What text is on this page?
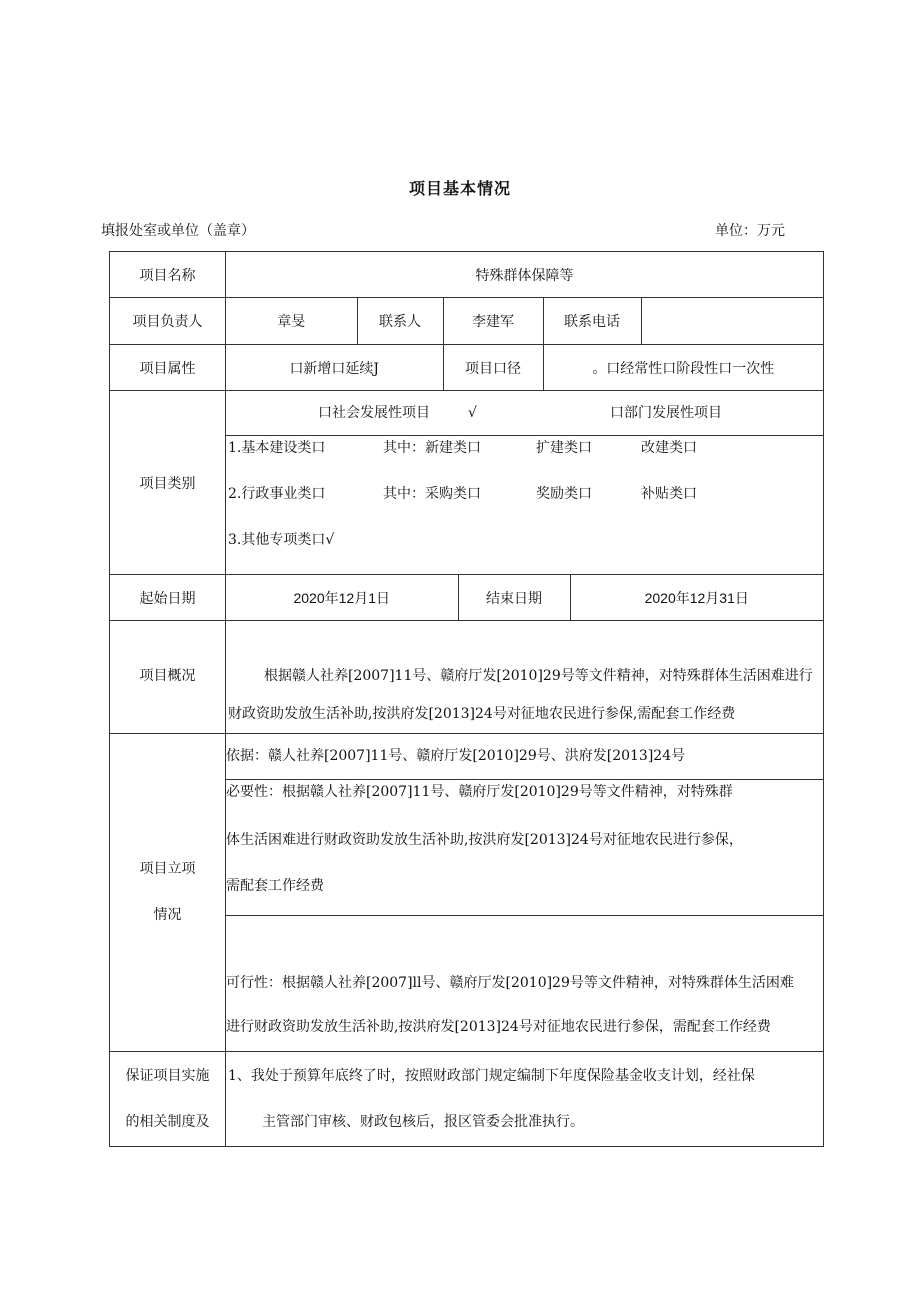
项目基本情况
填报处室或单位（盖章）	单位：万元
项目名称	特殊群体保障等
项目负责人		章旻	联系人	李建军	联系电话	

项目属性		口新增口延续J	项目口径	。口经常性口阶段性口一次性

项目类别	
口社会发展性项目	√	口部门发展性项目

1.基本建设类口	其中：新建类口	扩建类口	改建类口
2.行政事业类口	其中：采购类口	奖励类口	补贴类口
3.其他专项类口√

起始日期		2020年12月1日	结束日期	2020年12月31日

项目概况	根据赣人社养[2007]11号、赣府厅发[2010]29号等文件精神，对特殊群体生活困难进行
财政资助发放生活补助,按洪府发[2013]24号对征地农民进行参保,需配套工作经费

项目立项
情况

依据：赣人社养[2007]11号、赣府厅发[2010]29号、洪府发[2013]24号

必要性：根据赣人社养[2007]11号、赣府厅发[2010]29号等文件精神，对特殊群
体生活困难进行财政资助发放生活补助,按洪府发[2013]24号对征地农民进行参保，
需配套工作经费

可行性：根据赣人社养[2007]ll号、赣府厅发[2010]29号等文件精神，对特殊群体生活困难
进行财政资助发放生活补助,按洪府发[2013]24号对征地农民进行参保，需配套工作经费

保证项目实施
的相关制度及

1、我处于预算年底终了时，按照财政部门规定编制下年度保险基金收支计划，经社保
主管部门审核、财政包核后，报区管委会批准执行。
